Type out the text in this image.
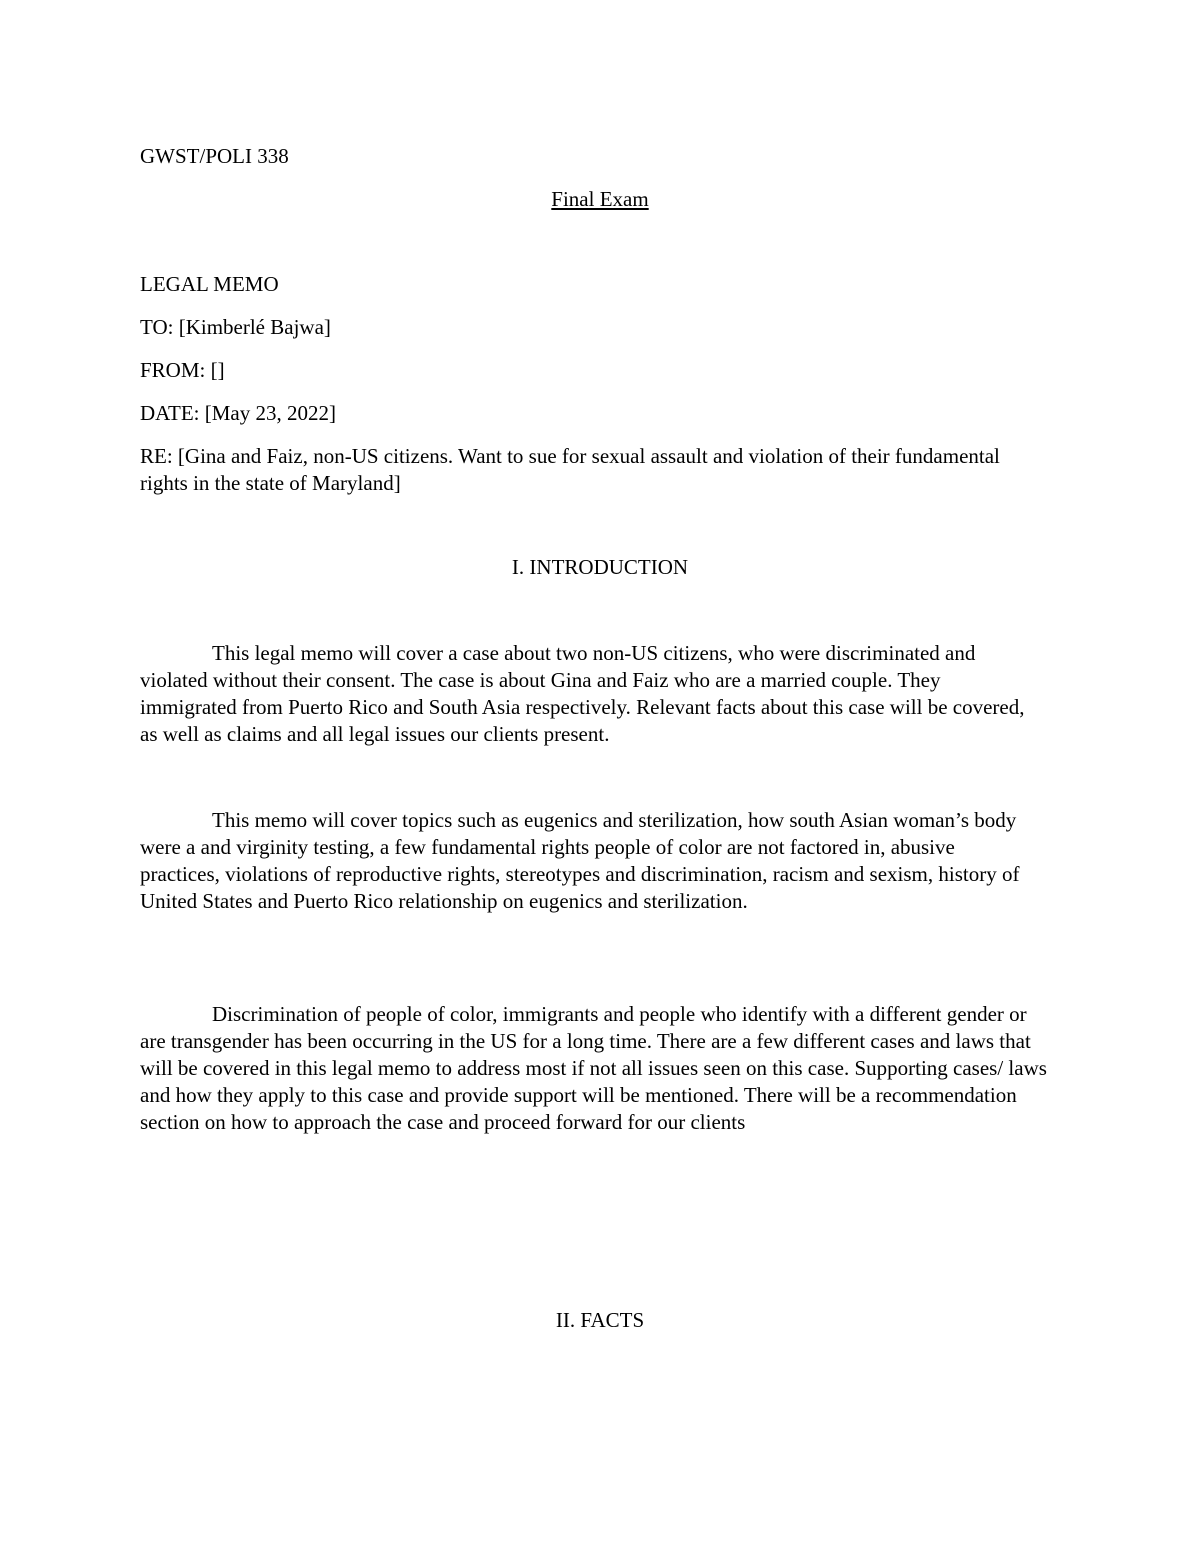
GWST/POLI 338

Final Exam

LEGAL MEMO

TO: [Kimberlé Bajwa]

FROM: []

DATE: [May 23, 2022]

RE: [Gina and Faiz, non-US citizens. Want to sue for sexual assault and violation of their fundamental rights in the state of Maryland]

I. INTRODUCTION

This legal memo will cover a case about two non-US citizens, who were discriminated and violated without their consent. The case is about Gina and Faiz who are a married couple. They immigrated from Puerto Rico and South Asia respectively. Relevant facts about this case will be covered, as well as claims and all legal issues our clients present.

This memo will cover topics such as eugenics and sterilization, how south Asian woman’s body were a and virginity testing, a few fundamental rights people of color are not factored in, abusive practices, violations of reproductive rights, stereotypes and discrimination, racism and sexism, history of United States and Puerto Rico relationship on eugenics and sterilization.

Discrimination of people of color, immigrants and people who identify with a different gender or are transgender has been occurring in the US for a long time. There are a few different cases and laws that will be covered in this legal memo to address most if not all issues seen on this case. Supporting cases/ laws and how they apply to this case and provide support will be mentioned. There will be a recommendation section on how to approach the case and proceed forward for our clients

II. FACTS
